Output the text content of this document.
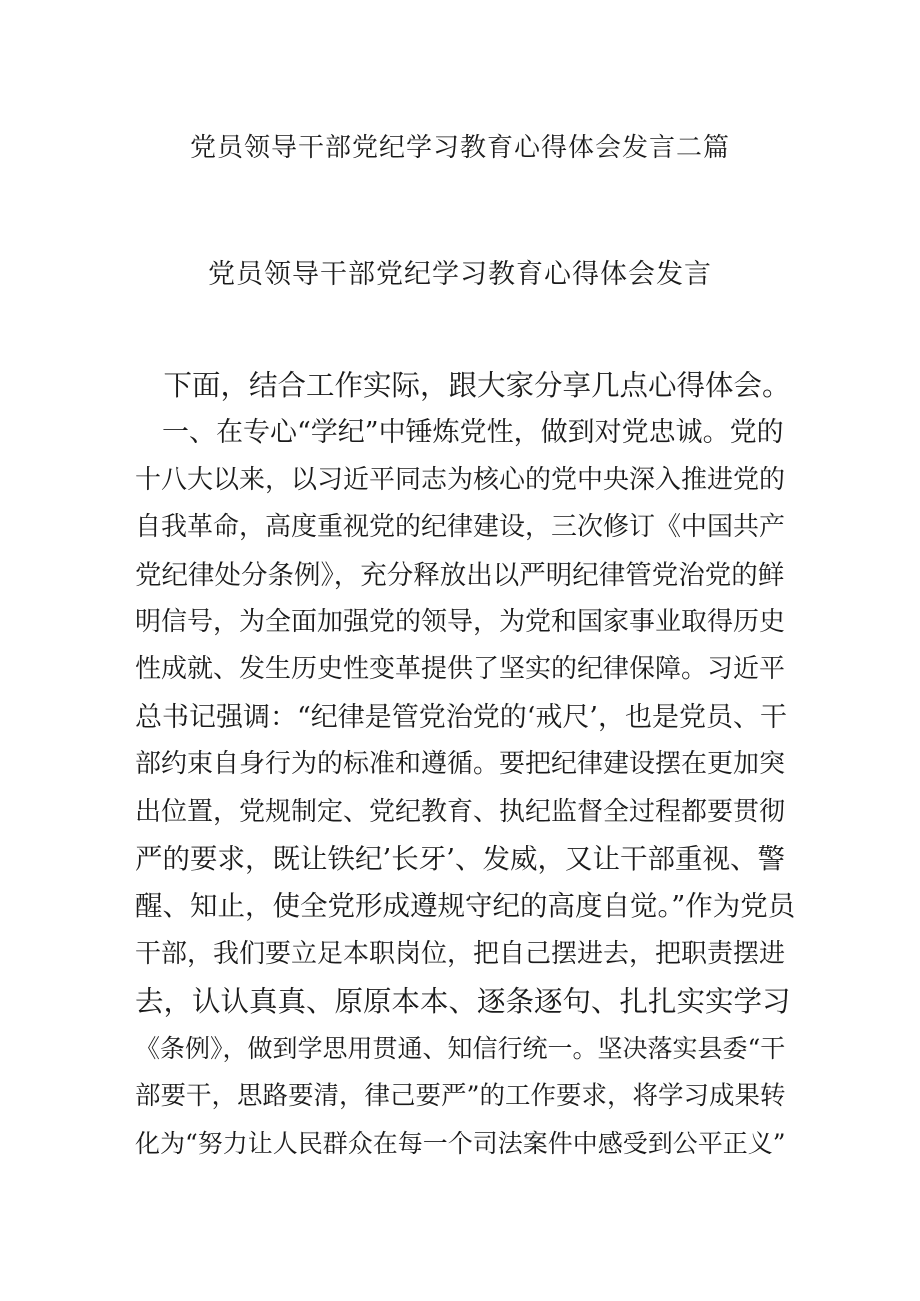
党员领导干部党纪学习教育心得体会发言二篇
党员领导干部党纪学习教育心得体会发言
　下面，结合工作实际，跟大家分享几点心得体会。
　一、在专心“学纪”中锤炼党性，做到对党忠诚。党的
十八大以来，以习近平同志为核心的党中央深入推进党的
自我革命，高度重视党的纪律建设，三次修订《中国共产
党纪律处分条例》，充分释放出以严明纪律管党治党的鲜
明信号，为全面加强党的领导，为党和国家事业取得历史
性成就、发生历史性变革提供了坚实的纪律保障。习近平
总书记强调：“纪律是管党治党的‘戒尺’，也是党员、干
部约束自身行为的标准和遵循。要把纪律建设摆在更加突
出位置，党规制定、党纪教育、执纪监督全过程都要贯彻
严的要求，既让铁纪’长牙’、发威，又让干部重视、警
醒、知止，使全党形成遵规守纪的高度自觉。”作为党员
干部，我们要立足本职岗位，把自己摆进去，把职责摆进
去，认认真真、原原本本、逐条逐句、扎扎实实学习
《条例》，做到学思用贯通、知信行统一。坚决落实县委“干
部要干，思路要清，律己要严”的工作要求，将学习成果转
化为“努力让人民群众在每一个司法案件中感受到公平正义”
